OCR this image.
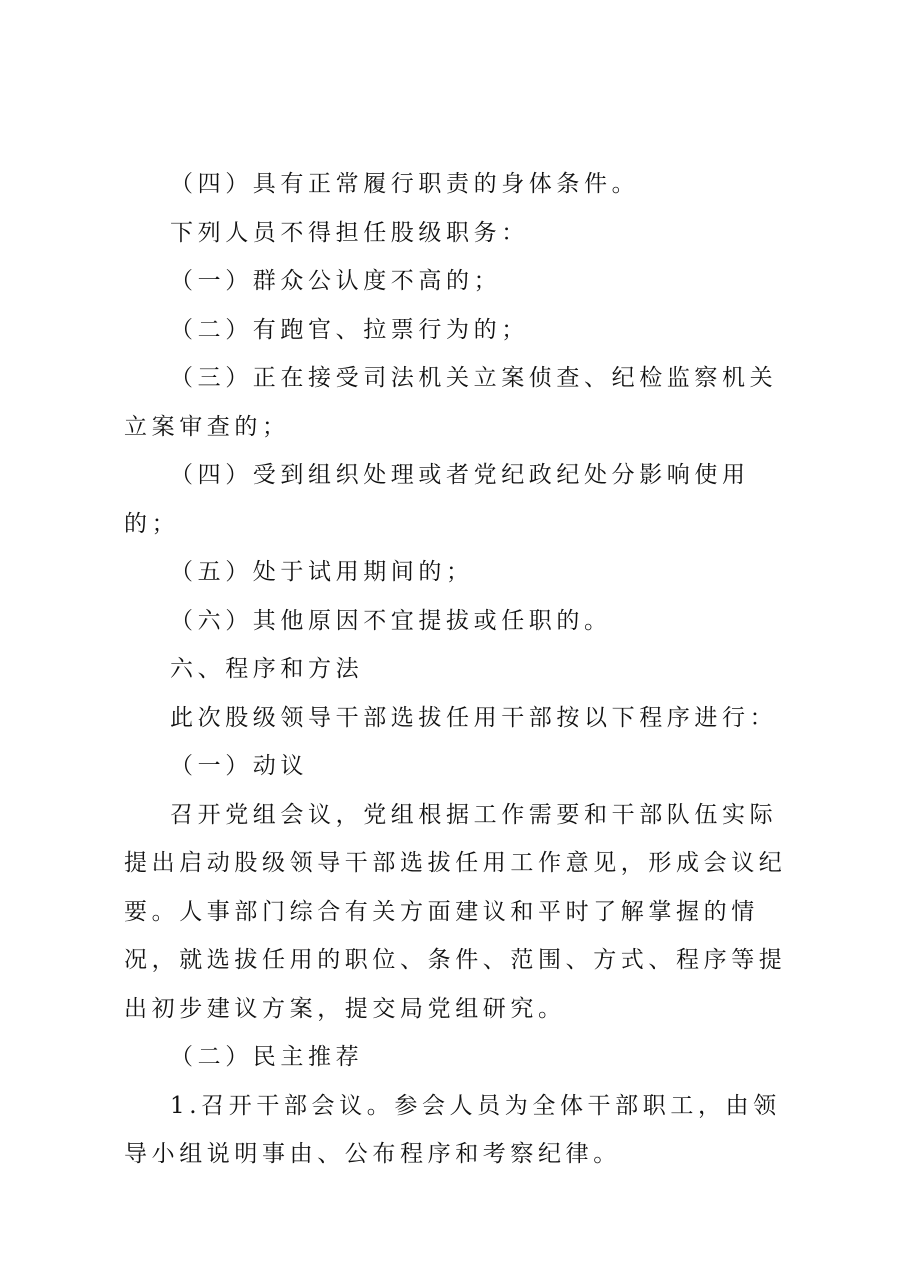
（四）具有正常履行职责的身体条件。

下列人员不得担任股级职务：

（一）群众公认度不高的；

（二）有跑官、拉票行为的；

（三）正在接受司法机关立案侦查、纪检监察机关立案审查的；

（四）受到组织处理或者党纪政纪处分影响使用的；

（五）处于试用期间的；

（六）其他原因不宜提拔或任职的。

六、程序和方法

此次股级领导干部选拔任用干部按以下程序进行：

（一）动议

召开党组会议，党组根据工作需要和干部队伍实际提出启动股级领导干部选拔任用工作意见，形成会议纪要。人事部门综合有关方面建议和平时了解掌握的情况，就选拔任用的职位、条件、范围、方式、程序等提出初步建议方案，提交局党组研究。

（二）民主推荐

1.召开干部会议。参会人员为全体干部职工，由领导小组说明事由、公布程序和考察纪律。
